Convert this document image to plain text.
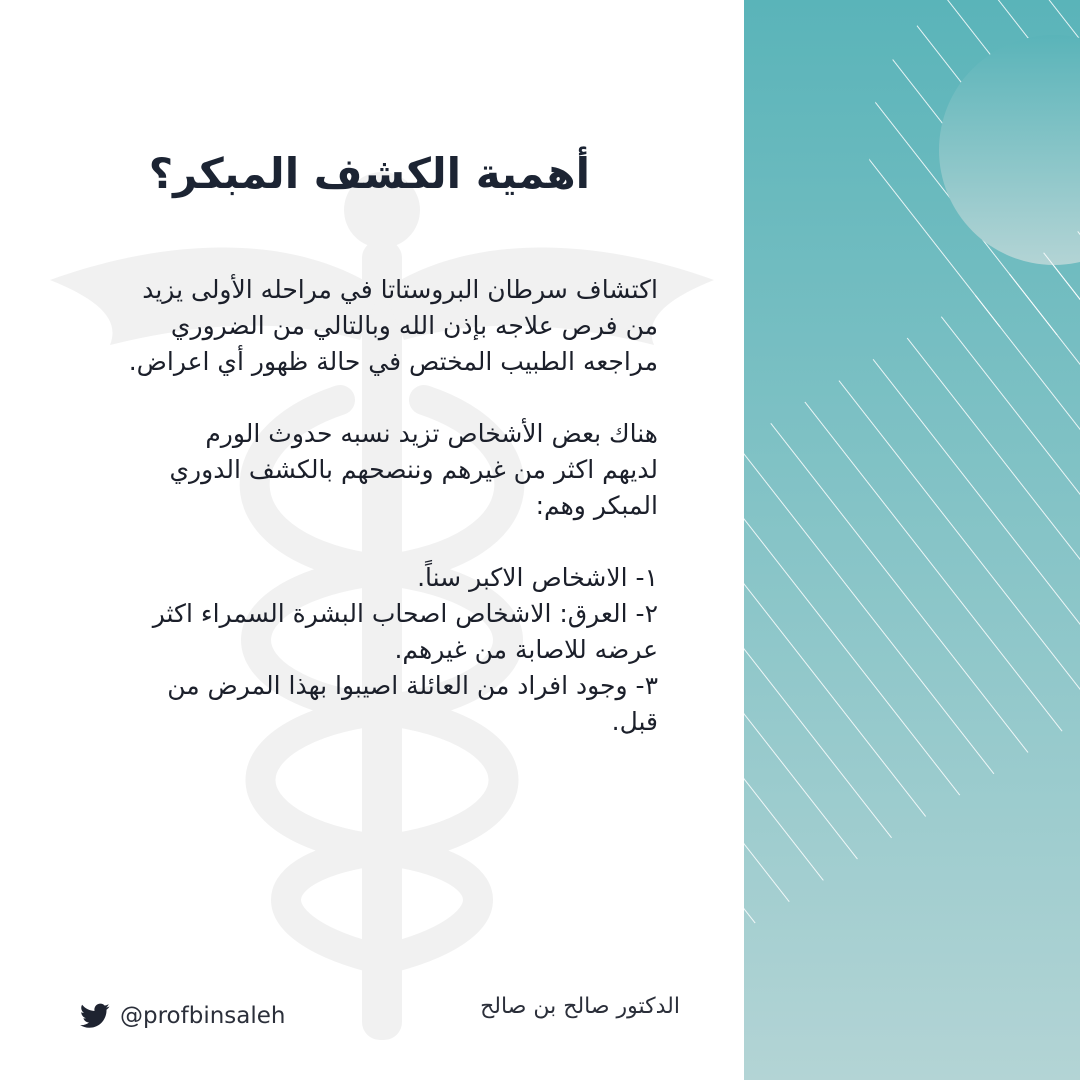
أهمية الكشف المبكر؟

اكتشاف سرطان البروستاتا في مراحله الأولى يزيد
من فرص علاجه بإذن الله وبالتالي من الضروري
مراجعه الطبيب المختص في حالة ظهور أي اعراض.

هناك بعض الأشخاص تزيد نسبه حدوث الورم
لديهم اكثر من غيرهم وننصحهم بالكشف الدوري
المبكر وهم:

١- الاشخاص الاكبر سناً.

٢- العرق: الاشخاص اصحاب البشرة السمراء اكثر
عرضه للاصابة من غيرهم.

٣- وجود افراد من العائلة اصيبوا بهذا المرض من
قبل.

@profbinsaleh	الدكتور صالح بن صالح
